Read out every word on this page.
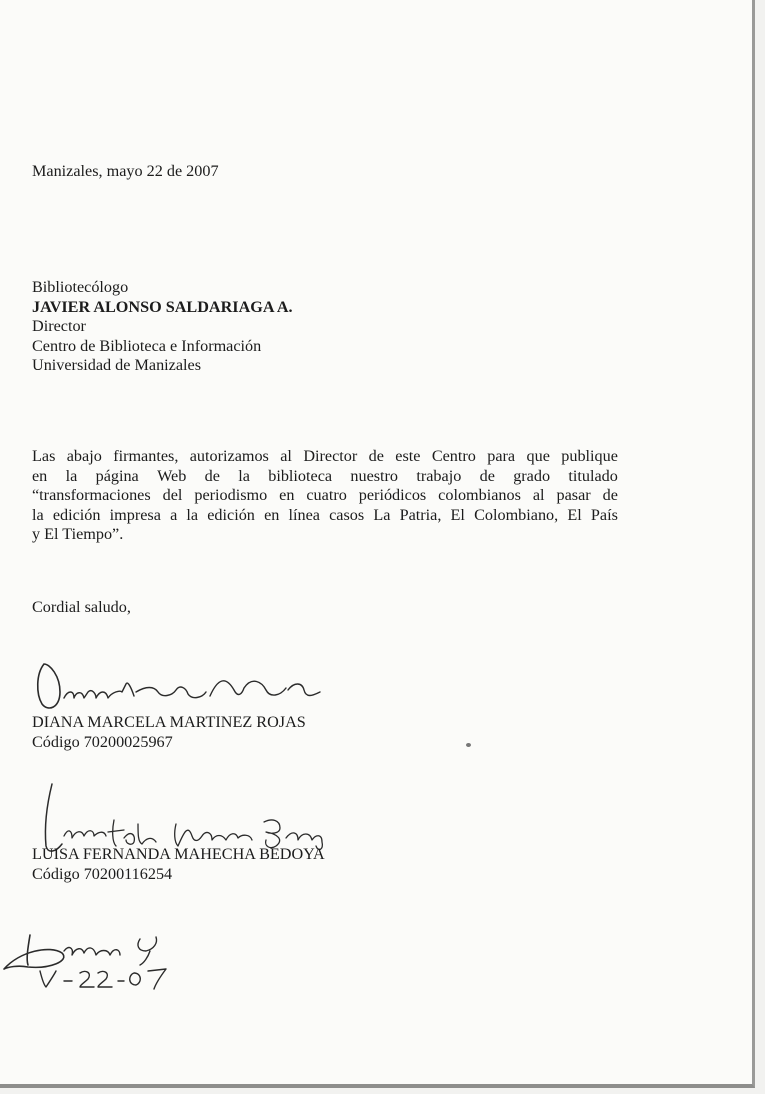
Manizales, mayo 22 de 2007
Bibliotecólogo
JAVIER ALONSO SALDARIAGA A.
Director
Centro de Biblioteca e Información
Universidad de Manizales
Las abajo firmantes, autorizamos al Director de este Centro para que publique
en la página Web de la biblioteca nuestro trabajo de grado titulado
“transformaciones del periodismo en cuatro periódicos colombianos al pasar de
la edición impresa a la edición en línea casos La Patria, El Colombiano, El País
y El Tiempo”.
Cordial saludo,
DIANA MARCELA MARTINEZ ROJAS
Código 70200025967
LUISA FERNANDA MAHECHA BEDOYA
Código 70200116254
